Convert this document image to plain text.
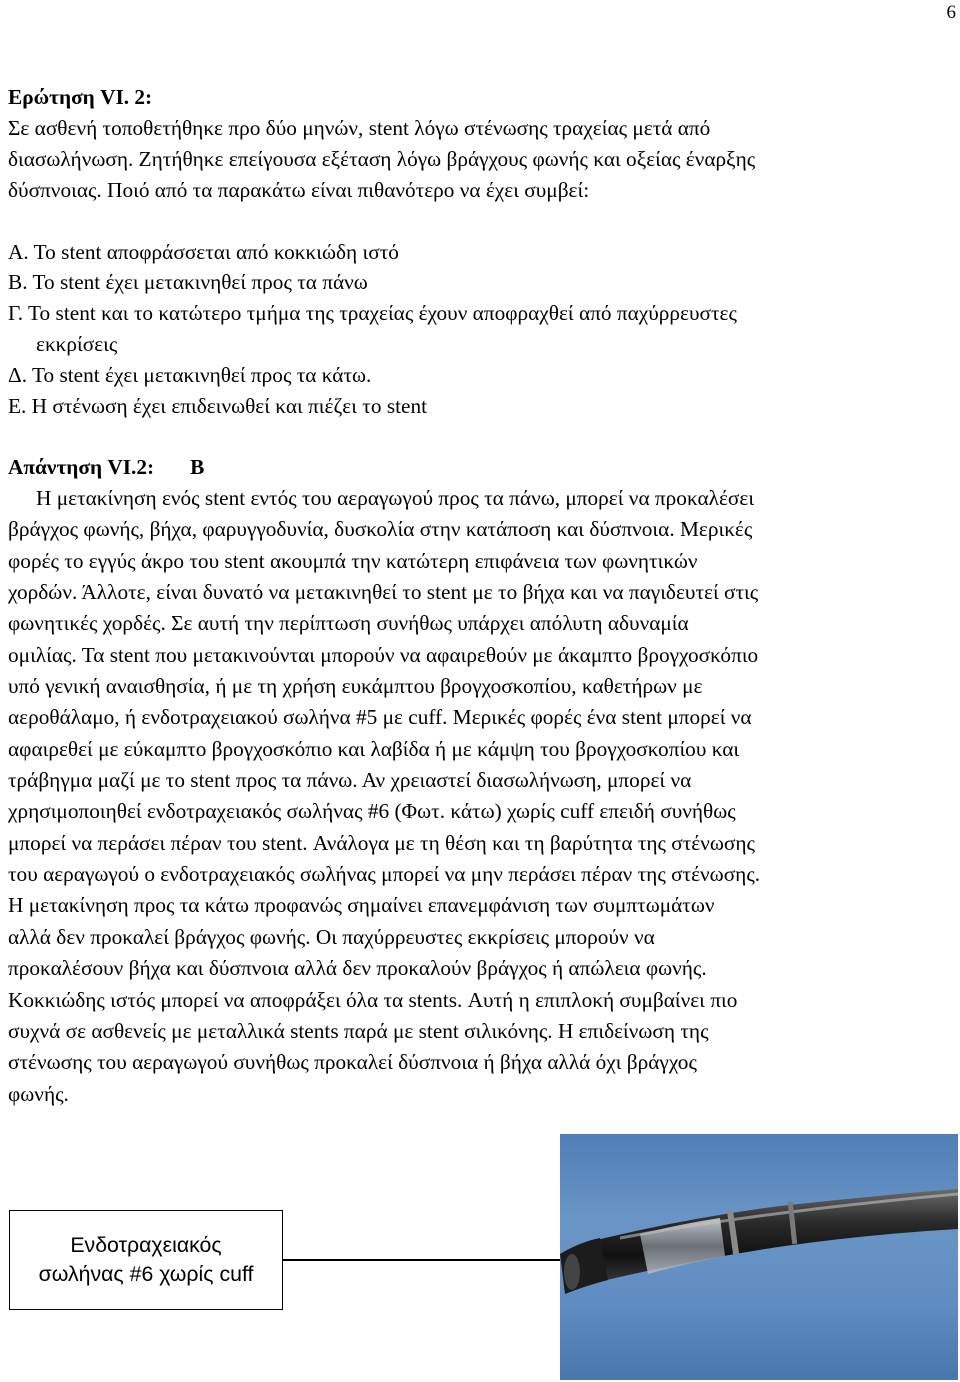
6
Ερώτηση VI. 2:
Σε ασθενή τοποθετήθηκε προ δύο μηνών, stent λόγω στένωσης τραχείας μετά από
διασωλήνωση. Ζητήθηκε επείγουσα εξέταση λόγω βράγχους φωνής και οξείας έναρξης
δύσπνοιας. Ποιό από τα παρακάτω είναι πιθανότερο να έχει συμβεί:
Α. Το stent αποφράσσεται από κοκκιώδη ιστό
Β. Το stent έχει μετακινηθεί προς τα πάνω
Γ. Το stent και το κατώτερο τμήμα της τραχείας έχουν αποφραχθεί από παχύρρευστες
εκκρίσεις
Δ. Το stent έχει μετακινηθεί προς τα κάτω.
Ε. Η στένωση έχει επιδεινωθεί και πιέζει το stent
Απάντηση VI.2: Β
Η μετακίνηση ενός stent εντός του αεραγωγού προς τα πάνω, μπορεί να προκαλέσει
βράγχος φωνής, βήχα, φαρυγγοδυνία, δυσκολία στην κατάποση και δύσπνοια. Μερικές
φορές το εγγύς άκρο του stent ακουμπά την κατώτερη επιφάνεια των φωνητικών
χορδών. Άλλοτε, είναι δυνατό να μετακινηθεί το stent με το βήχα και να παγιδευτεί στις
φωνητικές χορδές. Σε αυτή την περίπτωση συνήθως υπάρχει απόλυτη αδυναμία
ομιλίας. Τα stent που μετακινούνται μπορούν να αφαιρεθούν με άκαμπτο βρογχοσκόπιο
υπό γενική αναισθησία, ή με τη χρήση ευκάμπτου βρογχοσκοπίου, καθετήρων με
αεροθάλαμο, ή ενδοτραχειακού σωλήνα #5 με cuff. Μερικές φορές ένα stent μπορεί να
αφαιρεθεί με εύκαμπτο βρογχοσκόπιο και λαβίδα ή με κάμψη του βρογχοσκοπίου και
τράβηγμα μαζί με το stent προς τα πάνω. Αν χρειαστεί διασωλήνωση, μπορεί να
χρησιμοποιηθεί ενδοτραχειακός σωλήνας #6 (Φωτ. κάτω) χωρίς cuff επειδή συνήθως
μπορεί να περάσει πέραν του stent. Ανάλογα με τη θέση και τη βαρύτητα της στένωσης
του αεραγωγού ο ενδοτραχειακός σωλήνας μπορεί να μην περάσει πέραν της στένωσης.
Η μετακίνηση προς τα κάτω προφανώς σημαίνει επανεμφάνιση των συμπτωμάτων
αλλά δεν προκαλεί βράγχος φωνής. Οι παχύρρευστες εκκρίσεις μπορούν να
προκαλέσουν βήχα και δύσπνοια αλλά δεν προκαλούν βράγχος ή απώλεια φωνής.
Κοκκιώδης ιστός μπορεί να αποφράξει όλα τα stents. Αυτή η επιπλοκή συμβαίνει πιο
συχνά σε ασθενείς με μεταλλικά stents παρά με stent σιλικόνης. Η επιδείνωση της
στένωσης του αεραγωγού συνήθως προκαλεί δύσπνοια ή βήχα αλλά όχι βράγχος
φωνής.
Ενδοτραχειακός
σωλήνας #6 χωρίς cuff
